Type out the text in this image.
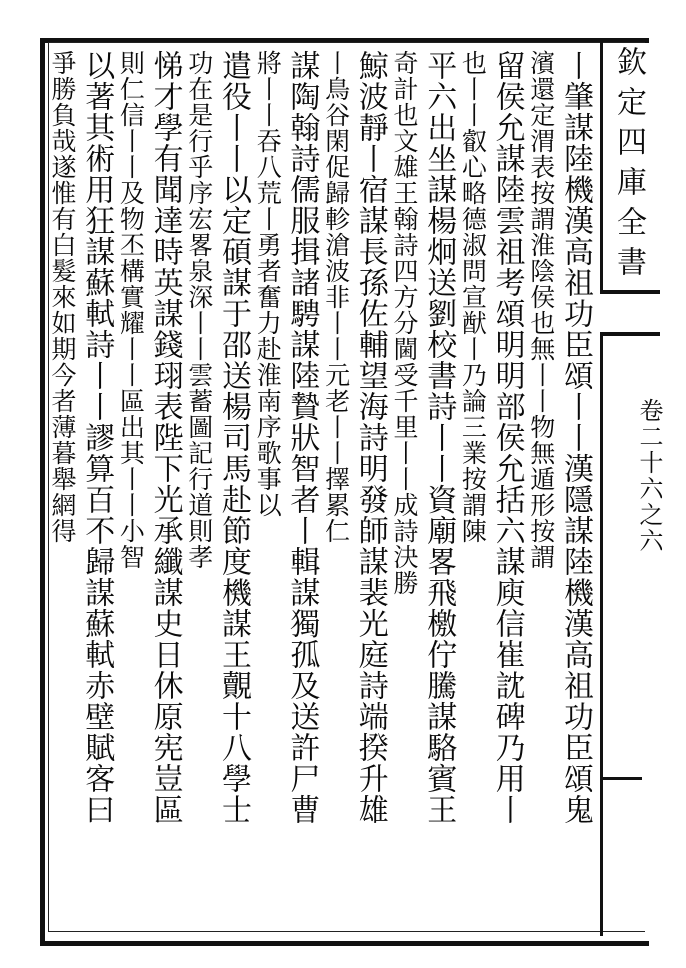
欽定四庫全書
卷二十六之六
丨肇謀陸機漢高祖功臣頌丨丨漢隱謀陸機漢高祖功臣頌鬼
濱還定渭表按謂淮陰侯也無丨丨物無遁形按謂
留侯允謀陸雲祖考頌明明部侯允括六謀庾信崔訦碑乃用丨
也丨丨叡心略德淑問宣猷丨乃論三業按謂陳
平六出坐謀楊炯送劉校書詩丨丨資廟畧飛檄佇騰謀駱賓王
奇計也文雄王翰詩四方分閫受千里丨丨成詩決勝
鯨波靜丨宿謀長孫佐輔望海詩明發師謀裴光庭詩端揆升雄
丨鳥谷閑促歸軫滄波非丨丨元老丨丨擇累仁
謀陶翰詩儒服揖諸騁謀陸贄狀智者丨輯謀獨孤及送許尸曹
將丨丨吞八荒丨勇者奮力赴淮南序歌事以
遣役丨丨以定碩謀于邵送楊司馬赴節度機謀王覿十八學士
功在是行乎序宏畧泉深丨丨雲蓄圖記行道則孝
悌才學有聞達時英謀錢珝表陛下光承纖謀史日休原宪豈區
則仁信丨丨及物丕構實耀丨丨區出其丨丨小智
以著其術用狂謀蘇軾詩丨丨謬算百不歸謀蘇軾赤壁賦客曰
爭勝負哉遂惟有白髮來如期今者薄暮舉網得
